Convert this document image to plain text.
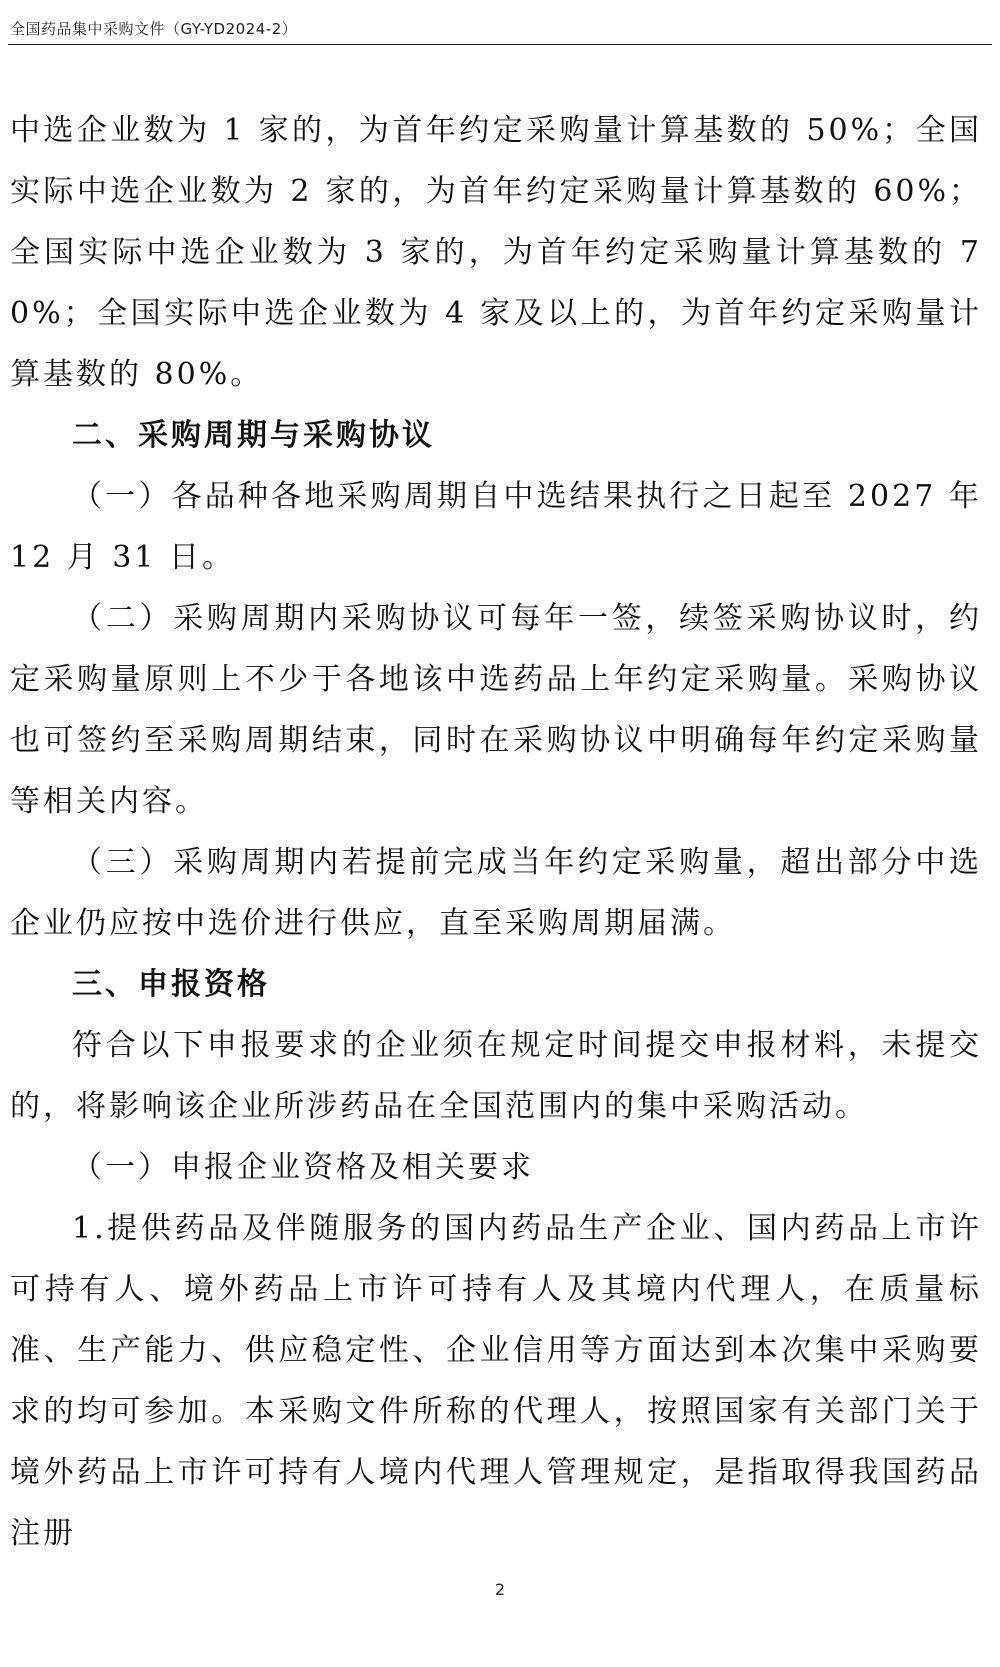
全国药品集中采购文件（GY-YD2024-2）

中选企业数为 1 家的，为首年约定采购量计算基数的 50%；全国实际中选企业数为 2 家的，为首年约定采购量计算基数的 60%；全国实际中选企业数为 3 家的，为首年约定采购量计算基数的 70%；全国实际中选企业数为 4 家及以上的，为首年约定采购量计算基数的 80%。

二、采购周期与采购协议

（一）各品种各地采购周期自中选结果执行之日起至 2027 年 12 月 31 日。

（二）采购周期内采购协议可每年一签，续签采购协议时，约定采购量原则上不少于各地该中选药品上年约定采购量。采购协议也可签约至采购周期结束，同时在采购协议中明确每年约定采购量等相关内容。

（三）采购周期内若提前完成当年约定采购量，超出部分中选企业仍应按中选价进行供应，直至采购周期届满。

三、申报资格

符合以下申报要求的企业须在规定时间提交申报材料，未提交的，将影响该企业所涉药品在全国范围内的集中采购活动。

（一）申报企业资格及相关要求

1.提供药品及伴随服务的国内药品生产企业、国内药品上市许可持有人、境外药品上市许可持有人及其境内代理人，在质量标准、生产能力、供应稳定性、企业信用等方面达到本次集中采购要求的均可参加。本采购文件所称的代理人，按照国家有关部门关于境外药品上市许可持有人境内代理人管理规定，是指取得我国药品注册

2
